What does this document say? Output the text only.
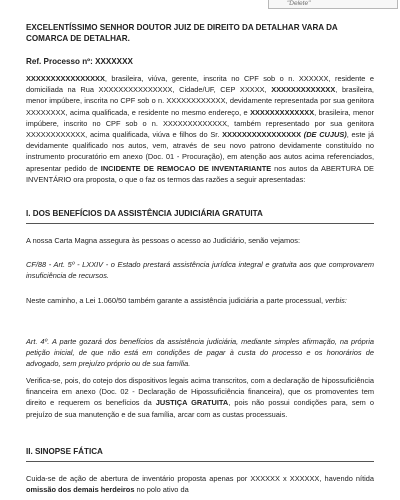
"Delete"
EXCELENTÍSSIMO SENHOR DOUTOR JUIZ DE DIREITO DA DETALHAR VARA DA COMARCA DE DETALHAR.
Ref. Processo nº: XXXXXXX

XXXXXXXXXXXXXXXX, brasileira, viúva, gerente, inscrita no CPF sob o n. XXXXXX, residente e domiciliada na Rua XXXXXXXXXXXXXXX, Cidade/UF, CEP XXXXX, XXXXXXXXXXXXX, brasileira, menor impúbere, inscrita no CPF sob o n. XXXXXXXXXXXX, devidamente representada por sua genitora XXXXXXXX, acima qualificada, e residente no mesmo endereço, e XXXXXXXXXXXXX, brasileira, menor impúbere, inscrito no CPF sob o n. XXXXXXXXXXXXX, também representado por sua genitora XXXXXXXXXXXX, acima qualificada, viúva e filhos do Sr. XXXXXXXXXXXXXXXX (DE CUJUS), este já devidamente qualificado nos autos, vem, através de seu novo patrono devidamente constituído no instrumento procuratório em anexo (Doc. 01 - Procuração), em atenção aos autos acima referenciados, apresentar pedido de INCIDENTE DE REMOCAO DE INVENTARIANTE nos autos da ABERTURA DE INVENTÁRIO ora proposta, o que o faz os termos das razões a seguir apresentadas:

I. DOS BENEFÍCIOS DA ASSISTÊNCIA JUDICIÁRIA GRATUITA

A nossa Carta Magna assegura às pessoas o acesso ao Judiciário, senão vejamos:

CF/88 - Art. 5º - LXXIV - o Estado prestará assistência jurídica integral e gratuita aos que comprovarem insuficiência de recursos.

Neste caminho, a Lei 1.060/50 também garante a assistência judiciária a parte processual, verbis:

Art. 4º. A parte gozará dos benefícios da assistência judiciária, mediante simples afirmação, na própria petição inicial, de que não está em condições de pagar à custa do processo e os honorários de advogado, sem prejuízo próprio ou de sua família.

Verifica-se, pois, do cotejo dos dispositivos legais acima transcritos, com a declaração de hipossuficiência financeira em anexo (Doc. 02 - Declaração de Hipossuficiência financeira), que os promoventes tem direito e requerem os benefícios da JUSTIÇA GRATUITA, pois não possui condições para, sem o prejuízo de sua manutenção e de sua família, arcar com as custas processuais.

II. SINOPSE FÁTICA

Cuida-se de ação de abertura de inventário proposta apenas por XXXXXX x XXXXXX, havendo nítida omissão dos demais herdeiros no polo ativo da
